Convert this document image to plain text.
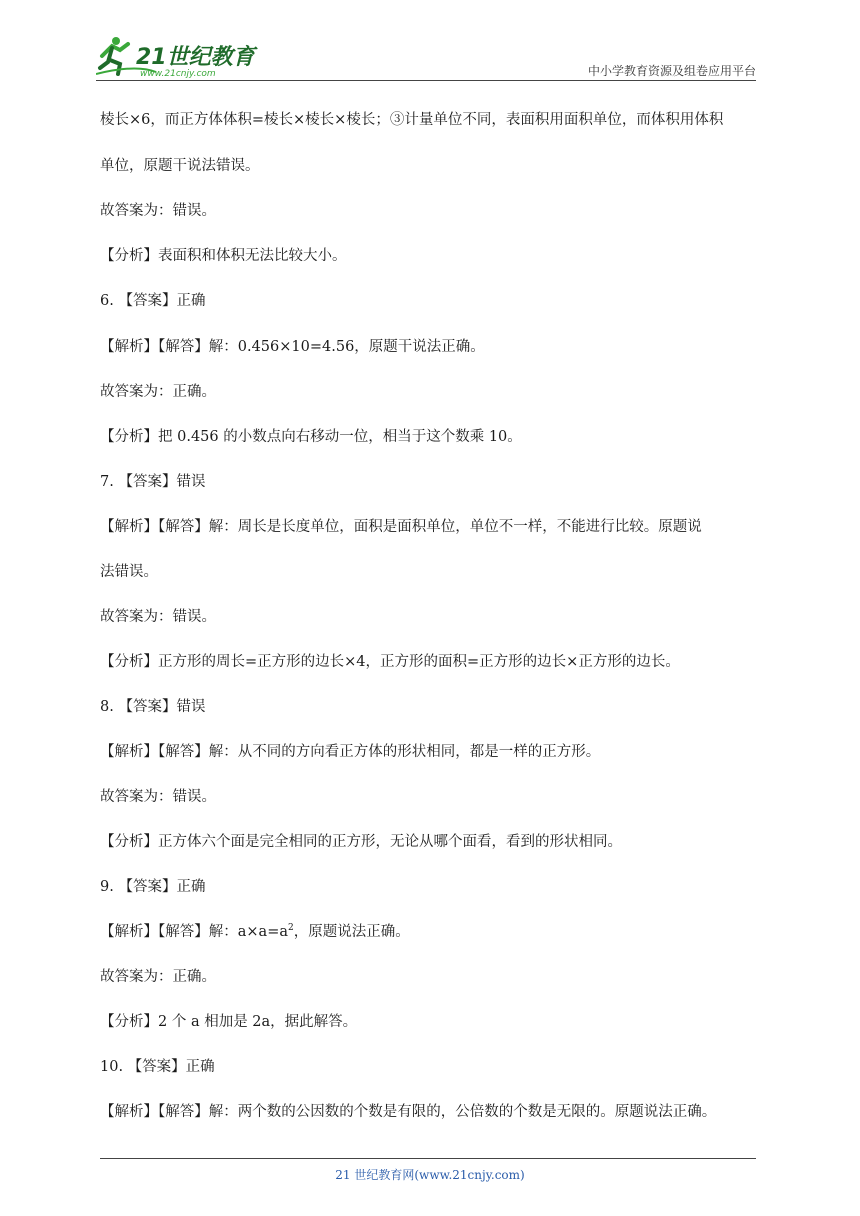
21世纪教育
www.21cnjy.com	中小学教育资源及组卷应用平台
棱长×6，而正方体体积=棱长×棱长×棱长；③计量单位不同，表面积用面积单位，而体积用体积
单位，原题干说法错误。
故答案为：错误。
【分析】表面积和体积无法比较大小。
6. 【答案】正确
【解析】【解答】解：0.456×10=4.56，原题干说法正确。
故答案为：正确。
【分析】把 0.456 的小数点向右移动一位，相当于这个数乘 10。
7. 【答案】错误
【解析】【解答】解：周长是长度单位，面积是面积单位，单位不一样，不能进行比较。原题说
法错误。
故答案为：错误。
【分析】正方形的周长=正方形的边长×4，正方形的面积=正方形的边长×正方形的边长。
8. 【答案】错误
【解析】【解答】解：从不同的方向看正方体的形状相同，都是一样的正方形。
故答案为：错误。
【分析】正方体六个面是完全相同的正方形，无论从哪个面看，看到的形状相同。
9. 【答案】正确
【解析】【解答】解：$a\times a=a^2$，原题说法正确。
故答案为：正确。
【分析】2 个 a 相加是 2a，据此解答。
10. 【答案】正确
【解析】【解答】解：两个数的公因数的个数是有限的，公倍数的个数是无限的。原题说法正确。
21 世纪教育网(www.21cnjy.com)
